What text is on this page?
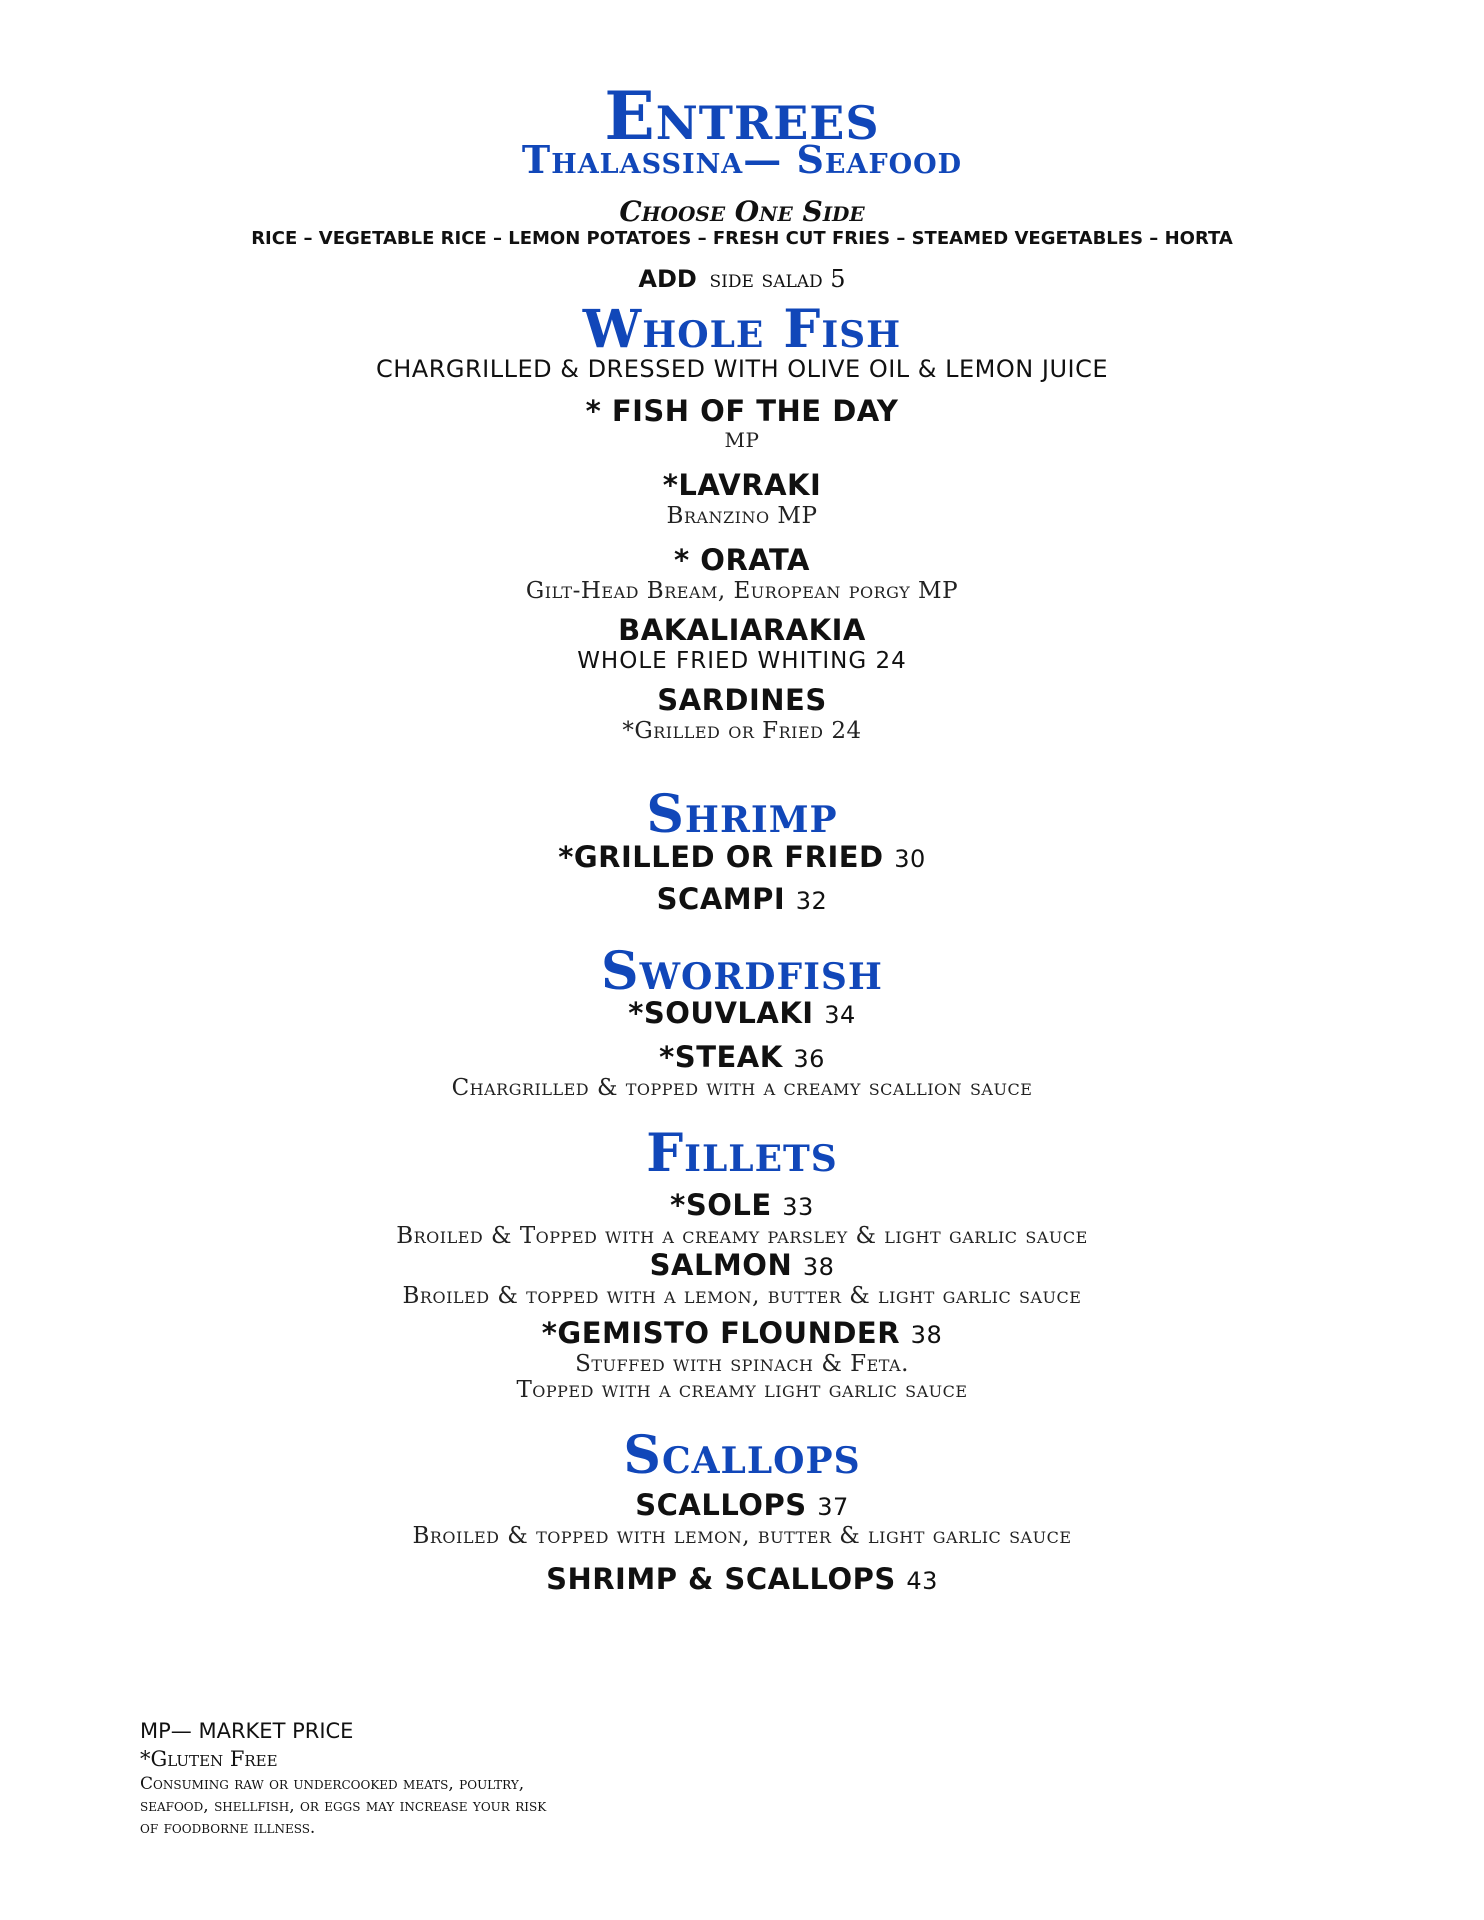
Entrees
Thalassina— Seafood
Choose One Side
RICE – VEGETABLE RICE – LEMON POTATOES – FRESH CUT FRIES – STEAMED VEGETABLES – HORTA
ADD side salad 5
Whole Fish
CHARGRILLED & DRESSED WITH OLIVE OIL & LEMON JUICE
* FISH OF THE DAY
MP
*LAVRAKI
Branzino MP
* ORATA
Gilt-Head Bream, European porgy MP
BAKALIARAKIA
WHOLE FRIED WHITING 24
SARDINES
*Grilled or Fried 24
Shrimp
*GRILLED OR FRIED 30
SCAMPI 32
Swordfish
*SOUVLAKI 34
*STEAK 36
Chargrilled & topped with a creamy scallion sauce
Fillets
*SOLE 33
Broiled & Topped with a creamy parsley & light garlic sauce
SALMON 38
Broiled & topped with a lemon, butter & light garlic sauce
*GEMISTO FLOUNDER 38
Stuffed with spinach & Feta.
Topped with a creamy light garlic sauce
Scallops
SCALLOPS 37
Broiled & topped with lemon, butter & light garlic sauce
SHRIMP & SCALLOPS 43
MP— MARKET PRICE
*Gluten Free
Consuming raw or undercooked meats, poultry,
seafood, shellfish, or eggs may increase your risk
of foodborne illness.
